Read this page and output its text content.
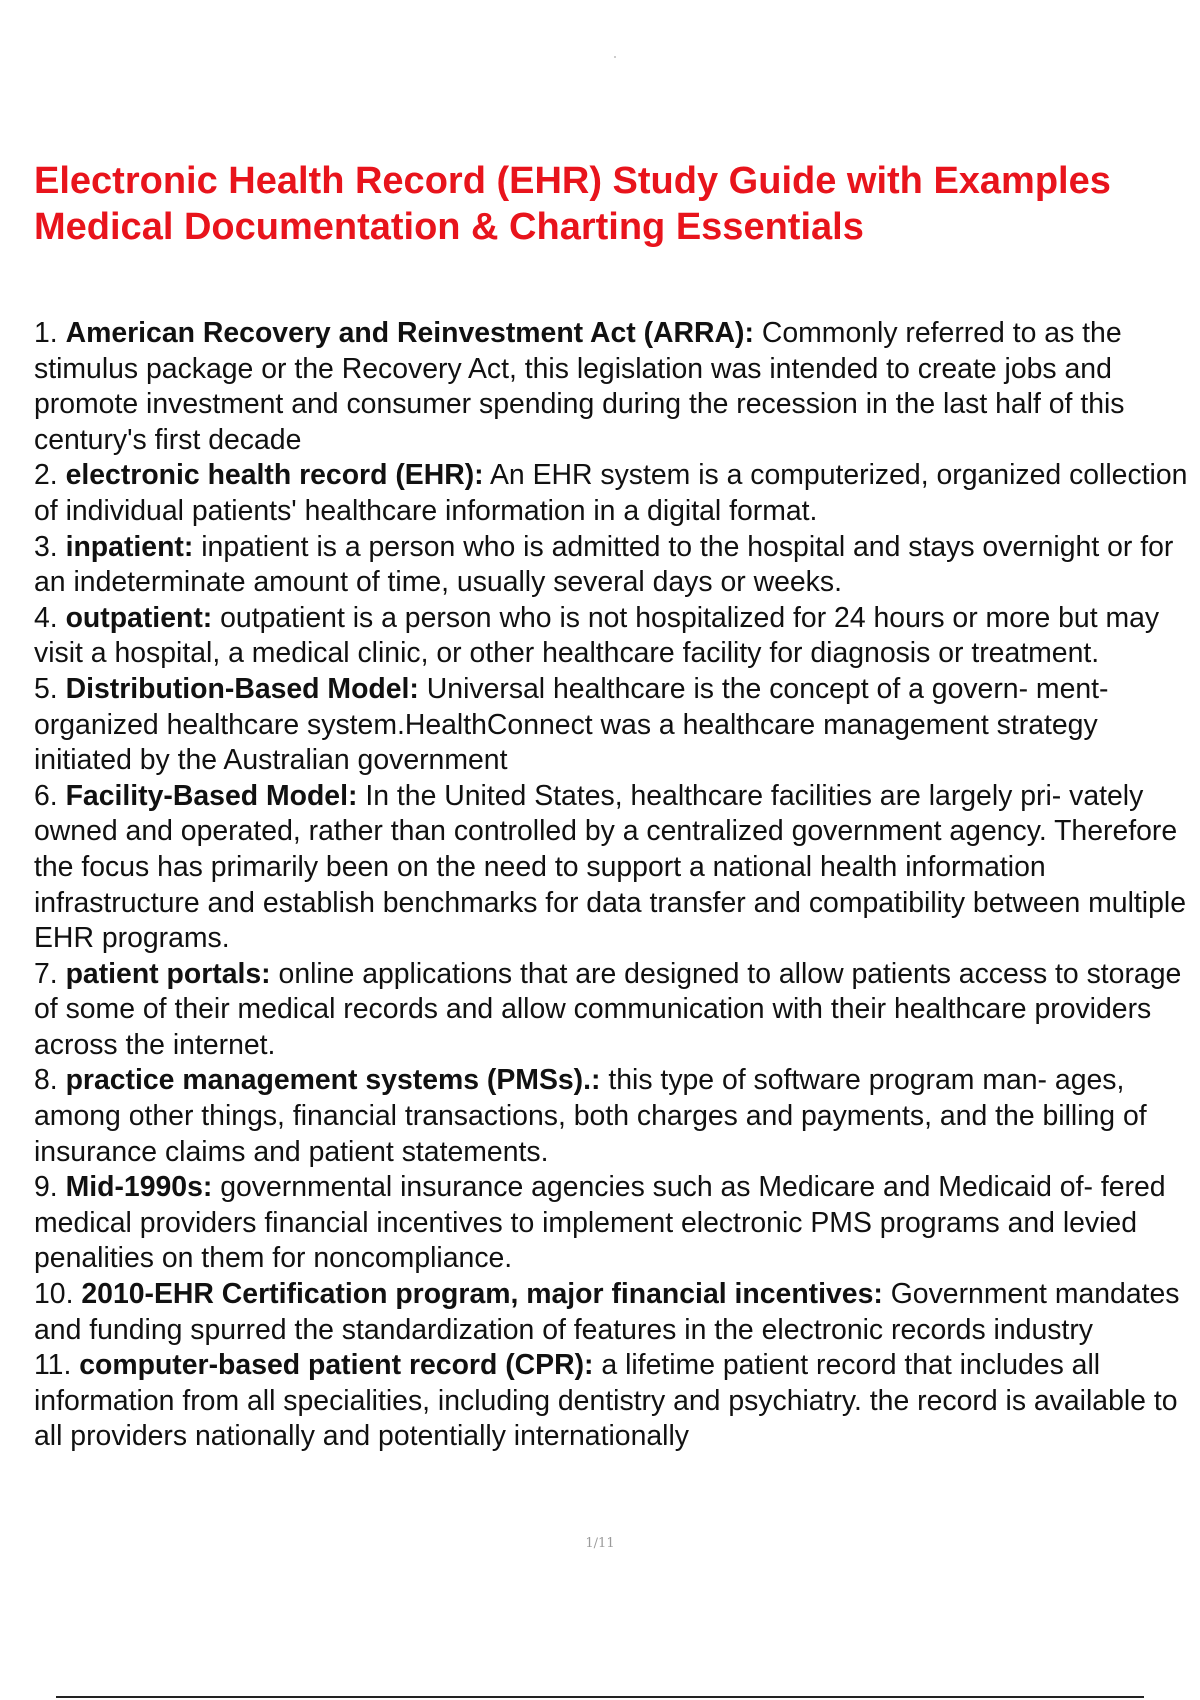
Electronic Health Record (EHR) Study Guide with Examples
Medical Documentation & Charting Essentials
1. American Recovery and Reinvestment Act (ARRA): Commonly referred to as the stimulus package or the Recovery Act, this legislation was intended to create jobs and promote investment and consumer spending during the recession in the last half of this century's first decade
2. electronic health record (EHR): An EHR system is a computerized, organized collection of individual patients' healthcare information in a digital format.
3. inpatient: inpatient is a person who is admitted to the hospital and stays overnight or for an indeterminate amount of time, usually several days or weeks.
4. outpatient: outpatient is a person who is not hospitalized for 24 hours or more but may visit a hospital, a medical clinic, or other healthcare facility for diagnosis or treatment.
5. Distribution-Based Model: Universal healthcare is the concept of a govern- ment-organized healthcare system.HealthConnect was a healthcare management strategy initiated by the Australian government
6. Facility-Based Model: In the United States, healthcare facilities are largely pri- vately owned and operated, rather than controlled by a centralized government agency. Therefore the focus has primarily been on the need to support a national health information infrastructure and establish benchmarks for data transfer and compatibility between multiple EHR programs.
7. patient portals: online applications that are designed to allow patients access to storage of some of their medical records and allow communication with their healthcare providers across the internet.
8. practice management systems (PMSs).: this type of software program man- ages, among other things, financial transactions, both charges and payments, and the billing of insurance claims and patient statements.
9. Mid-1990s: governmental insurance agencies such as Medicare and Medicaid of- fered medical providers financial incentives to implement electronic PMS programs and levied penalities on them for noncompliance.
10. 2010-EHR Certification program, major financial incentives: Government mandates and funding spurred the standardization of features in the electronic records industry
11. computer-based patient record (CPR): a lifetime patient record that includes all information from all specialities, including dentistry and psychiatry. the record is available to all providers nationally and potentially internationally
1/11
